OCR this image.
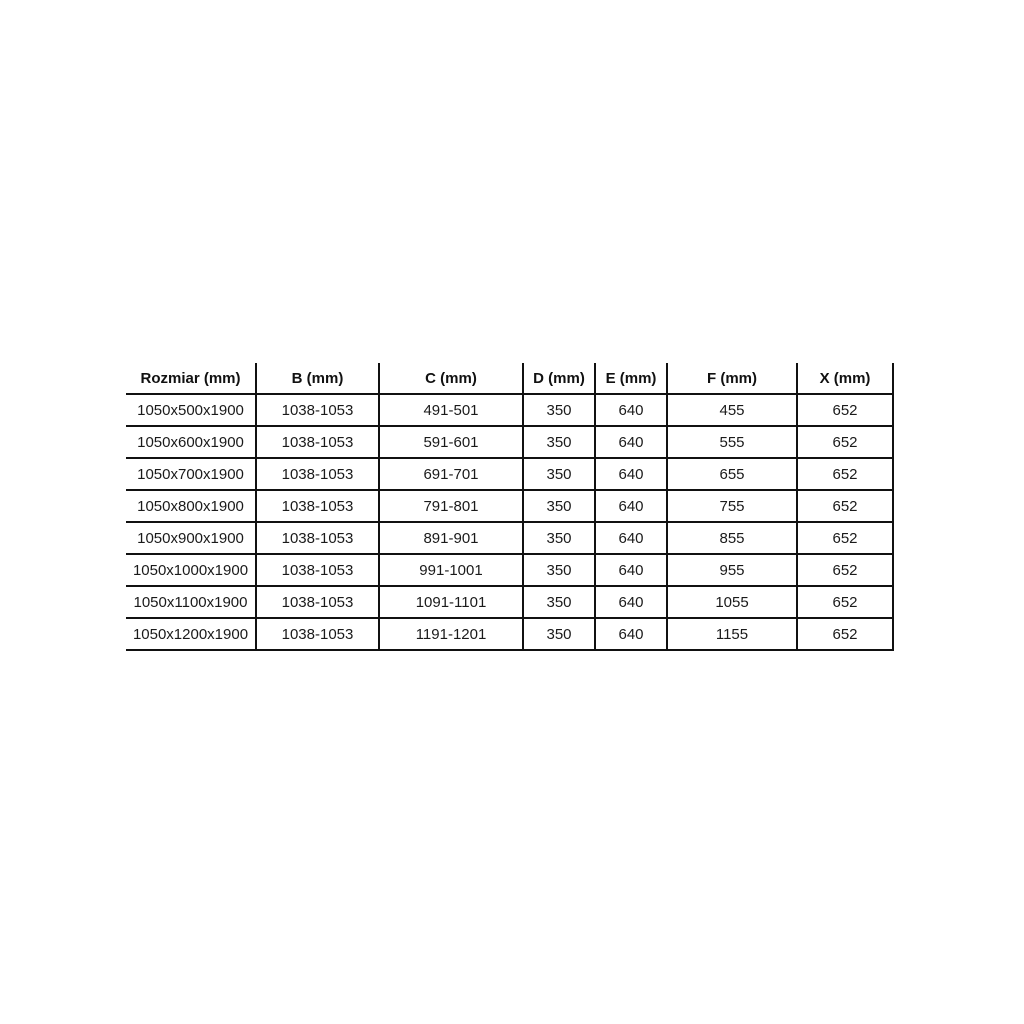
Rozmiar (mm)	B (mm)	C (mm)	D (mm)	E (mm)	F (mm)	X (mm)
1050x500x1900	1038-1053	491-501	350	640	455	652
1050x600x1900	1038-1053	591-601	350	640	555	652
1050x700x1900	1038-1053	691-701	350	640	655	652
1050x800x1900	1038-1053	791-801	350	640	755	652
1050x900x1900	1038-1053	891-901	350	640	855	652
1050x1000x1900	1038-1053	991-1001	350	640	955	652
1050x1100x1900	1038-1053	1091-1101	350	640	1055	652
1050x1200x1900	1038-1053	1191-1201	350	640	1155	652
